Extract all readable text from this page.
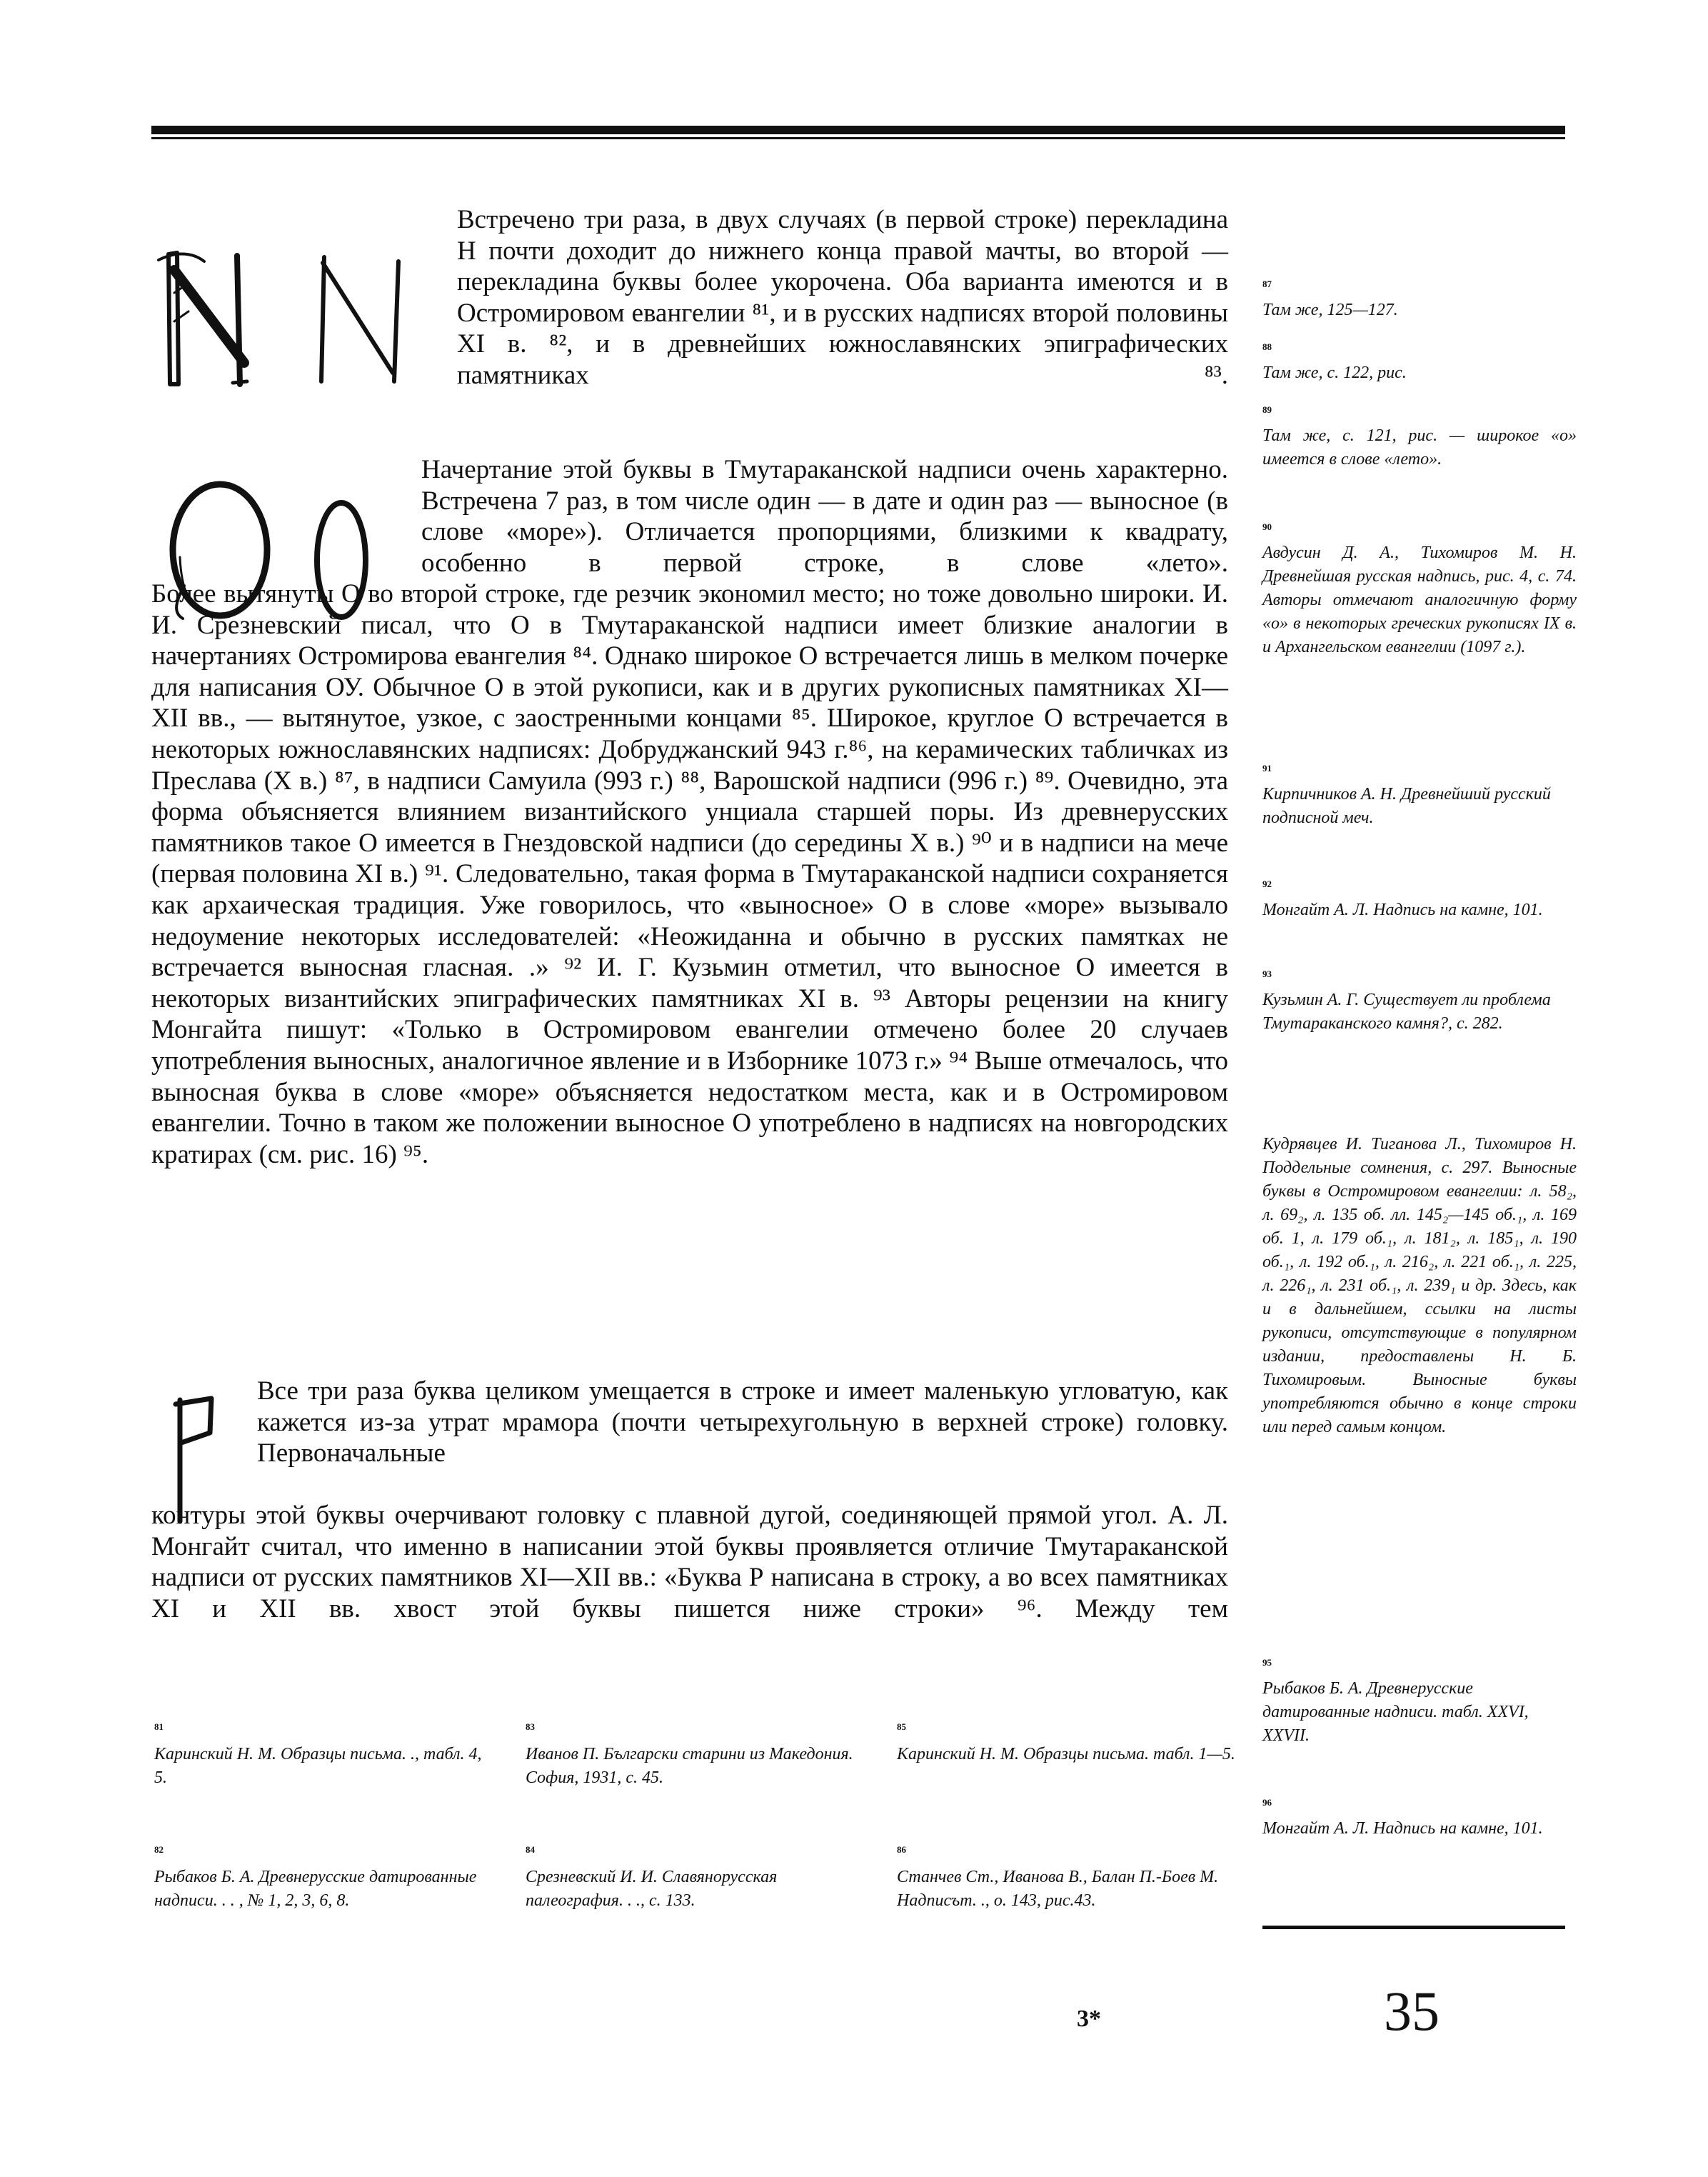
Встречено три раза, в двух случаях (в первой строке) перекладина Н почти доходит до нижнего конца правой мачты, во второй — перекладина буквы более укорочена. Оба варианта имеются и в Остромировом евангелии ⁸¹, и в русских надписях второй половины XI в. ⁸², и в древнейших южнославянских эпиграфических памятниках ⁸³.

Начертание этой буквы в Тмутараканской надписи очень характерно. Встречена 7 раз, в том числе один — в дате и один раз — выносное (в слове «море»). Отличается пропорциями, близкими к квадрату, особенно в первой строке, в слове «лето».

Более вытянуты О во второй строке, где резчик экономил место; но тоже довольно широки. И. И. Срезневский писал, что О в Тмутараканской надписи имеет близкие аналогии в начертаниях Остромирова евангелия ⁸⁴. Однако широкое О встречается лишь в мелком почерке для написания ОУ. Обычное О в этой рукописи, как и в других рукописных памятниках XI—XII вв., — вытянутое, узкое, с заостренными концами ⁸⁵. Широкое, круглое О встречается в некоторых южнославянских надписях: Добруджанский 943 г.⁸⁶, на керамических табличках из Преслава (X в.) ⁸⁷, в надписи Самуила (993 г.) ⁸⁸, Варошской надписи (996 г.) ⁸⁹. Очевидно, эта форма объясняется влиянием византийского унциала старшей поры. Из древнерусских памятников такое О имеется в Гнездовской надписи (до середины X в.) ⁹⁰ и в надписи на мече (первая половина XI в.) ⁹¹. Следовательно, такая форма в Тмутараканской надписи сохраняется как архаическая традиция. Уже говорилось, что «выносное» О в слове «море» вызывало недоумение некоторых исследователей: «Неожиданна и обычно в русских памятках не встречается выносная гласная. .» ⁹² И. Г. Кузьмин отметил, что выносное О имеется в некоторых византийских эпиграфических памятниках XI в. ⁹³ Авторы рецензии на книгу Монгайта пишут: «Только в Остромировом евангелии отмечено более 20 случаев употребления выносных, аналогичное явление и в Изборнике 1073 г.» ⁹⁴ Выше отмечалось, что выносная буква в слове «море» объясняется недостатком места, как и в Остромировом евангелии. Точно в таком же положении выносное О употреблено в надписях на новгородских кратирах (см. рис. 16) ⁹⁵.

Все три раза буква целиком умещается в строке и имеет маленькую угловатую, как кажется из-за утрат мрамора (почти четырехугольную в верхней строке) головку. Первоначальные

контуры этой буквы очерчивают головку с плавной дугой, соединяющей прямой угол. А. Л. Монгайт считал, что именно в написании этой буквы проявляется отличие Тмутараканской надписи от русских памятников XI—XII вв.: «Буква Р написана в строку, а во всех памятниках XI и XII вв. хвост этой буквы пишется ниже строки» ⁹⁶. Между тем

87

Там же, 125—127.

88

Там же, с. 122, рис.

89

Там же, с. 121, рис. — широкое «о» имеется в слове «лето».

90

Авдусин Д. А., Тихомиров М. Н. Древнейшая русская надпись, рис. 4, с. 74. Авторы отмечают аналогичную форму «о» в некоторых греческих рукописях IX в. и Архангельском евангелии (1097 г.).

91

Кирпичников А. Н. Древнейший русский подписной меч.

92

Монгайт А. Л. Надпись на камне, 101.

93

Кузьмин А. Г. Существует ли проблема Тмутараканского камня?, с. 282.

Кудрявцев И. Тиганова Л., Тихомиров Н. Поддельные сомнения, с. 297. Выносные буквы в Остромировом евангелии: л. 58₂, л. 69₂, л. 135 об. лл. 145₂—145 об.₁, л. 169 об. 1, л. 179 об.₁, л. 181₂, л. 185₁, л. 190 об.₁, л. 192 об.₁, л. 216₂, л. 221 об.₁, л. 225, л. 226₁, л. 231 об.₁, л. 239₁ и др. Здесь, как и в дальнейшем, ссылки на листы рукописи, отсутствующие в популярном издании, предоставлены Н. Б. Тихомировым. Выносные буквы употребляются обычно в конце строки или перед самым концом.

95

Рыбаков Б. А. Древнерусские датированные надписи. табл. XXVI, XXVII.

96

Монгайт А. Л. Надпись на камне, 101.

81

Каринский Н. М. Образцы письма. ., табл. 4, 5.

82

Рыбаков Б. А. Древнерусские датированные надписи. . . , № 1, 2, 3, 6, 8.

83

Иванов П. Български старини из Македония. София, 1931, с. 45.

84

Срезневский И. И. Славянорусская палеография. . ., с. 133.

85

Каринский Н. М. Образцы письма. табл. 1—5.

86

Станчев Ст., Иванова В., Балан П.-Боев М. Надписът. ., о. 143, рис.43.

3*	35
